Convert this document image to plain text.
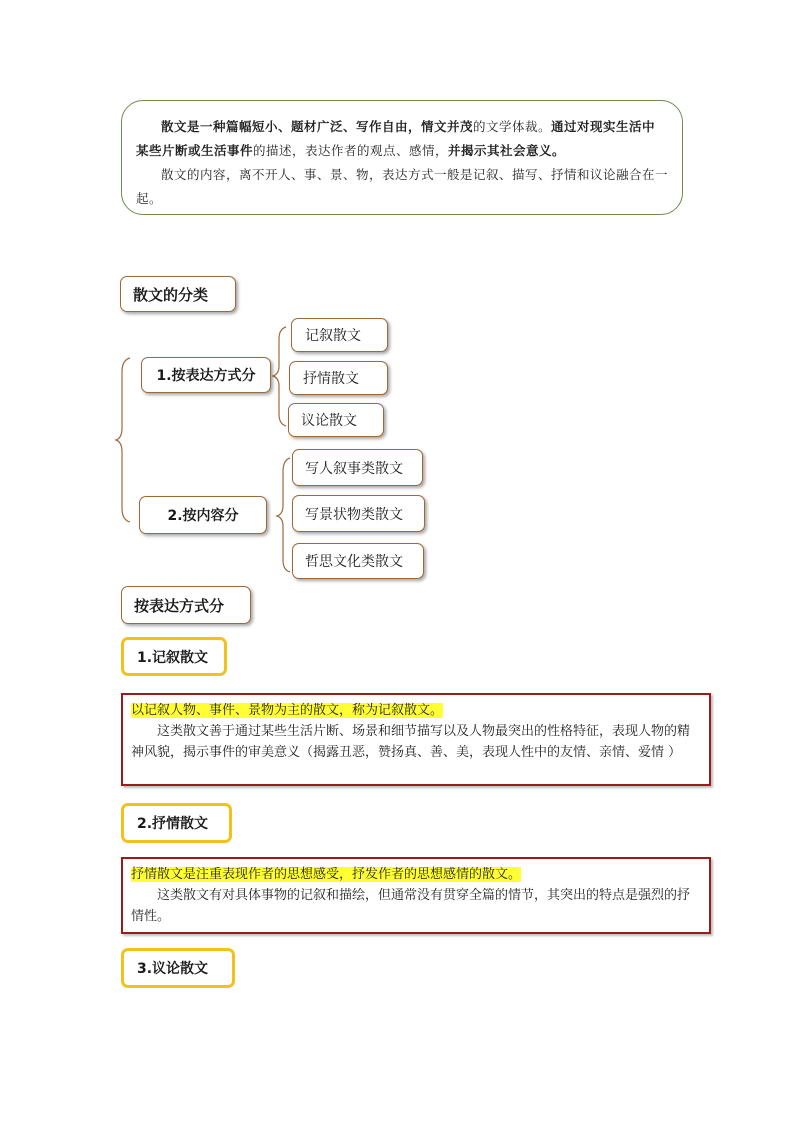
散文是一种篇幅短小、题材广泛、写作自由，情文并茂的文学体裁。通过对现实生活中某些片断或生活事件的描述，表达作者的观点、感情，并揭示其社会意义。

散文的内容，离不开人、事、景、物，表达方式一般是记叙、描写、抒情和议论融合在一起。

散文的分类
1.按表达方式分
记叙散文
抒情散文
议论散文
2.按内容分
写人叙事类散文
写景状物类散文
哲思文化类散文
按表达方式分
1.记叙散文

以记叙人物、事件、景物为主的散文，称为记叙散文。

这类散文善于通过某些生活片断、场景和细节描写以及人物最突出的性格特征，表现人物的精神风貌，揭示事件的审美意义（揭露丑恶，赞扬真、善、美，表现人性中的友情、亲情、爱情 ）

2.抒情散文

抒情散文是注重表现作者的思想感受，抒发作者的思想感情的散文。

这类散文有对具体事物的记叙和描绘，但通常没有贯穿全篇的情节，其突出的特点是强烈的抒情性。

3.议论散文
